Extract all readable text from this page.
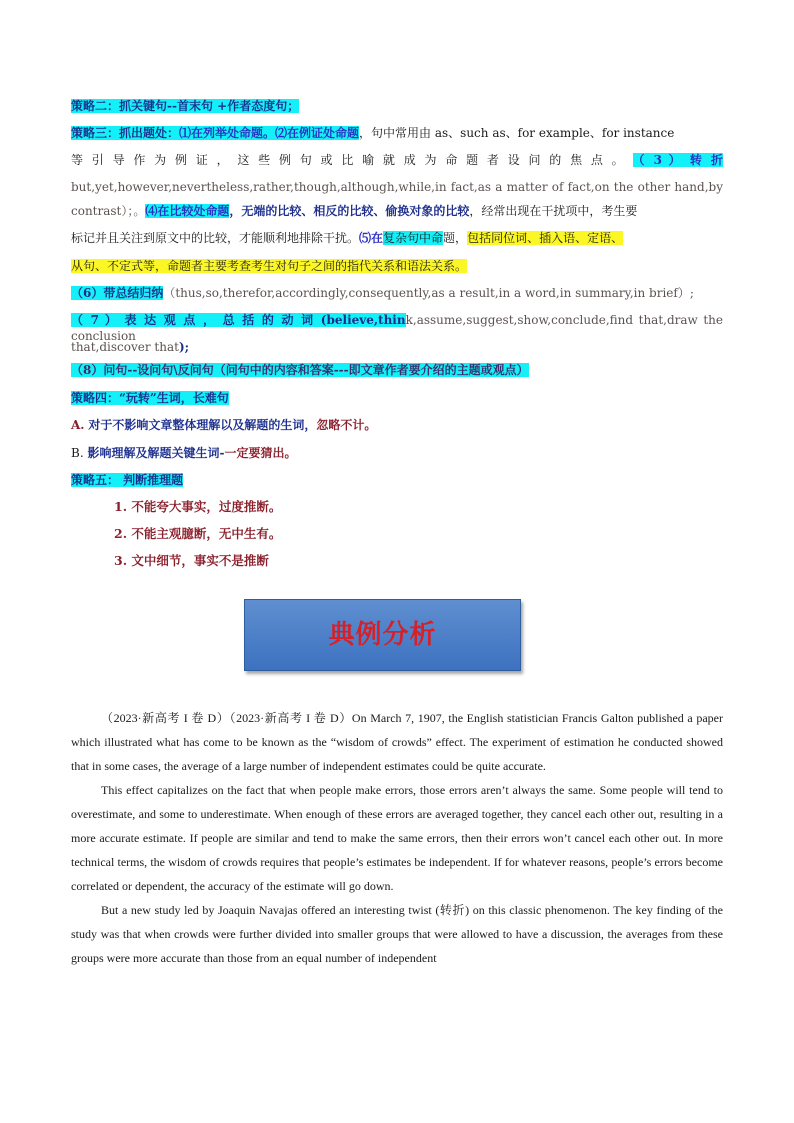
策略二：抓关键句--首末句 +作者态度句；
策略三：抓出题处：⑴在列举处命题。⑵在例证处命题，句中常用由 as、such as、for example、for instance
等 引 导 作 为 例 证 ， 这 些 例 句 或 比 喻 就 成 为 命 题 者 设 问 的 焦 点 。 （ 3 ） 转 折
but,yet,however,nevertheless,rather,though,although,while,in fact,as a matter of fact,on the other hand,by
contrast）；。⑷在比较处命题，无端的比较、相反的比较、偷换对象的比较，经常出现在干扰项中，考生要
标记并且关注到原文中的比较，才能顺利地排除干扰。⑸在复杂句中命题，包括同位词、插入语、定语、
从句、不定式等，命题者主要考查考生对句子之间的指代关系和语法关系。
（6）带总结归纳（thus,so,therefor,accordingly,consequently,as a result,in a word,in summary,in brief）;
（ 7 ） 表 达 观 点 ， 总 括 的 动 词 (believe,think,assume,suggest,show,conclude,find that,draw the conclusion
that,discover that);
（8）问句--设问句\反问句（问句中的内容和答案---即文章作者要介绍的主题或观点）
策略四：“玩转”生词，长难句
A. 对于不影响文章整体理解以及解题的生词，忽略不计。
B. 影响理解及解题关键生词-一定要猜出。
策略五： 判断推理题
1. 不能夸大事实，过度推断。
2. 不能主观臆断，无中生有。
3. 文中细节，事实不是推断
典例分析

（2023·新高考 I 卷 D）（2023·新高考 I 卷 D）On March 7, 1907, the English statistician Francis Galton published a paper which illustrated what has come to be known as the “wisdom of crowds” effect. The experiment of estimation he conducted showed that in some cases, the average of a large number of independent estimates could be quite accurate.

This effect capitalizes on the fact that when people make errors, those errors aren’t always the same. Some people will tend to overestimate, and some to underestimate. When enough of these errors are averaged together, they cancel each other out, resulting in a more accurate estimate. If people are similar and tend to make the same errors, then their errors won’t cancel each other out. In more technical terms, the wisdom of crowds requires that people’s estimates be independent. If for whatever reasons, people’s errors become correlated or dependent, the accuracy of the estimate will go down.

But a new study led by Joaquin Navajas offered an interesting twist (转折) on this classic phenomenon. The key finding of the study was that when crowds were further divided into smaller groups that were allowed to have a discussion, the averages from these groups were more accurate than those from an equal number of independent
